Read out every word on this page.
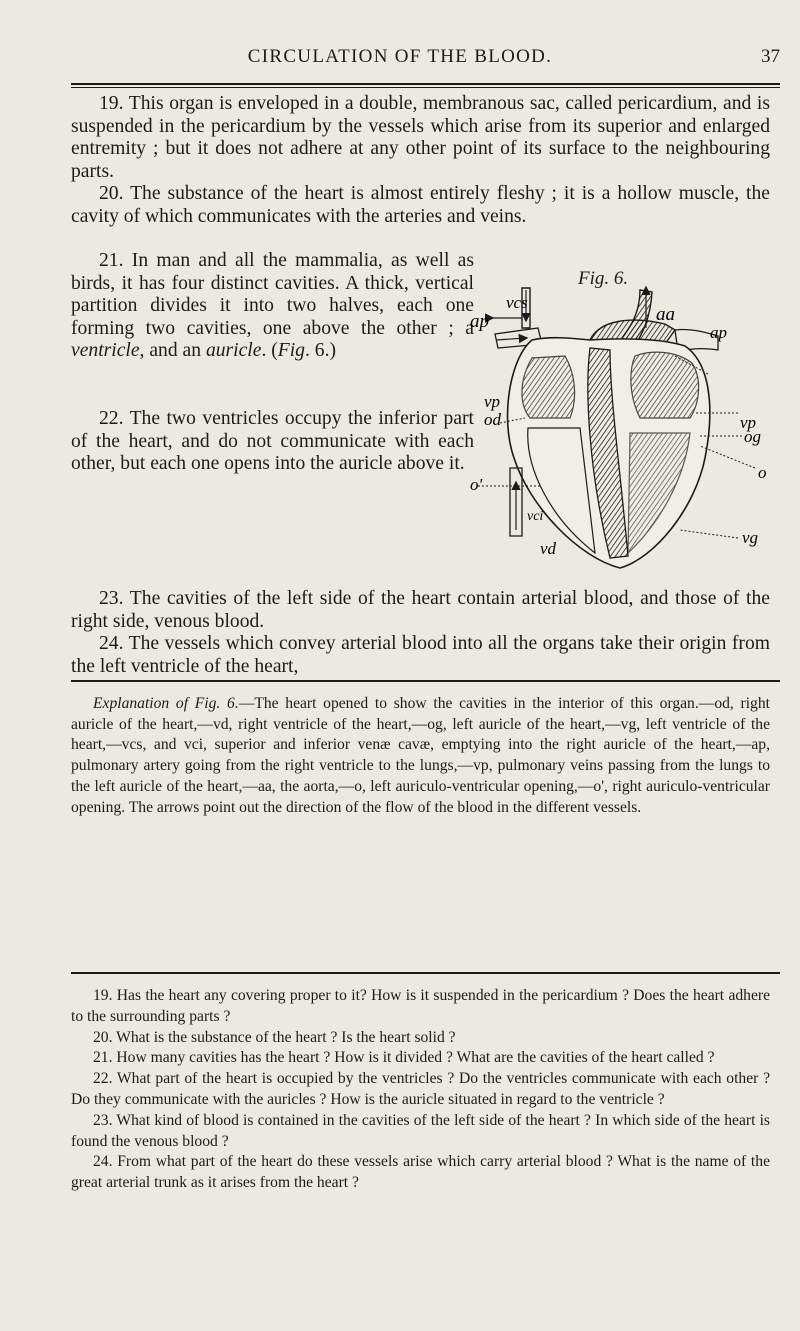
CIRCULATION OF THE BLOOD.	37

19. This organ is enveloped in a double, membranous sac, called pericardium, and is suspended in the pericardium by the vessels which arise from its superior and enlarged entremity ; but it does not adhere at any other point of its surface to the neighbouring parts.

20. The substance of the heart is almost entirely fleshy ; it is a hollow muscle, the cavity of which communicates with the arteries and veins.

21. In man and all the mammalia, as well as birds, it has four distinct cavities. A thick, vertical partition divides it into two halves, each one forming two cavities, one above the other ; a ventricle, and an auricle. (Fig. 6.)

22. The two ventricles occupy the inferior part of the heart, and do not communicate with each other, but each one opens into the auricle above it.

Fig. 6.
ap
vcs
aa
ap
vp
od	vp
og
o'
o
vci
vg
vd

23. The cavities of the left side of the heart contain arterial blood, and those of the right side, venous blood.

24. The vessels which convey arterial blood into all the organs take their origin from the left ventricle of the heart,

Explanation of Fig. 6.—The heart opened to show the cavities in the interior of this organ.—od, right auricle of the heart,—vd, right ventricle of the heart,—og, left auricle of the heart,—vg, left ventricle of the heart,—vcs, and vci, superior and inferior venæ cavæ, emptying into the right auricle of the heart,—ap, pulmonary artery going from the right ventricle to the lungs,—vp, pulmonary veins passing from the lungs to the left auricle of the heart,—aa, the aorta,—o, left auriculo-ventricular opening,—o', right auriculo-ventricular opening. The arrows point out the direction of the flow of the blood in the different vessels.

19. Has the heart any covering proper to it? How is it suspended in the pericardium ? Does the heart adhere to the surrounding parts ?

20. What is the substance of the heart ? Is the heart solid ?

21. How many cavities has the heart ? How is it divided ? What are the cavities of the heart called ?

22. What part of the heart is occupied by the ventricles ? Do the ventricles communicate with each other ? Do they communicate with the auricles ? How is the auricle situated in regard to the ventricle ?

23. What kind of blood is contained in the cavities of the left side of the heart ? In which side of the heart is found the venous blood ?

24. From what part of the heart do these vessels arise which carry arterial blood ? What is the name of the great arterial trunk as it arises from the heart ?
